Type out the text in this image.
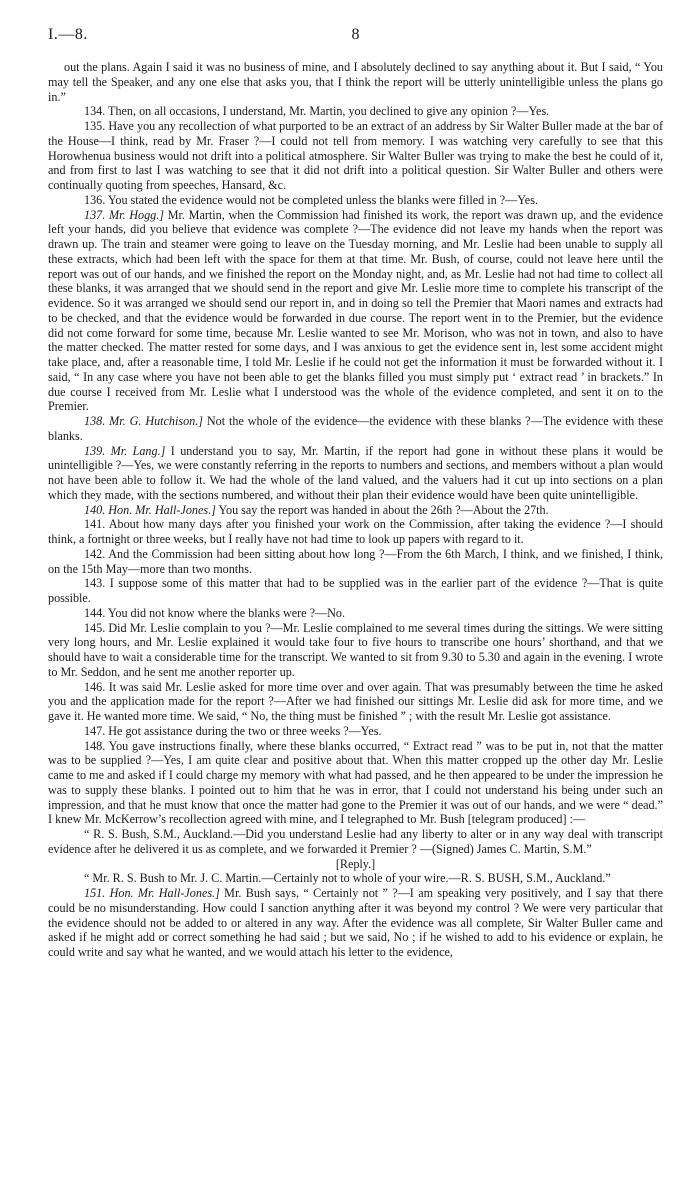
I.—8.	8

out the plans. Again I said it was no business of mine, and I absolutely declined to say anything about it. But I said, “ You may tell the Speaker, and any one else that asks you, that I think the report will be utterly unintelligible unless the plans go in.”

134. Then, on all occasions, I understand, Mr. Martin, you declined to give any opinion ?—Yes.

135. Have you any recollection of what purported to be an extract of an address by Sir Walter Buller made at the bar of the House—I think, read by Mr. Fraser ?—I could not tell from memory. I was watching very carefully to see that this Horowhenua business would not drift into a political atmosphere. Sir Walter Buller was trying to make the best he could of it, and from first to last I was watching to see that it did not drift into a political question. Sir Walter Buller and others were continually quoting from speeches, Hansard, &c.

136. You stated the evidence would not be completed unless the blanks were filled in ?—Yes.

137. Mr. Hogg.] Mr. Martin, when the Commission had finished its work, the report was drawn up, and the evidence left your hands, did you believe that evidence was complete ?—The evidence did not leave my hands when the report was drawn up. The train and steamer were going to leave on the Tuesday morning, and Mr. Leslie had been unable to supply all these extracts, which had been left with the space for them at that time. Mr. Bush, of course, could not leave here until the report was out of our hands, and we finished the report on the Monday night, and, as Mr. Leslie had not had time to collect all these blanks, it was arranged that we should send in the report and give Mr. Leslie more time to complete his transcript of the evidence. So it was arranged we should send our report in, and in doing so tell the Premier that Maori names and extracts had to be checked, and that the evidence would be forwarded in due course. The report went in to the Premier, but the evidence did not come forward for some time, because Mr. Leslie wanted to see Mr. Morison, who was not in town, and also to have the matter checked. The matter rested for some days, and I was anxious to get the evidence sent in, lest some accident might take place, and, after a reasonable time, I told Mr. Leslie if he could not get the information it must be forwarded without it. I said, “ In any case where you have not been able to get the blanks filled you must simply put ‘ extract read ’ in brackets.” In due course I received from Mr. Leslie what I understood was the whole of the evidence completed, and sent it on to the Premier.

138. Mr. G. Hutchison.] Not the whole of the evidence—the evidence with these blanks ?—The evidence with these blanks.

139. Mr. Lang.] I understand you to say, Mr. Martin, if the report had gone in without these plans it would be unintelligible ?—Yes, we were constantly referring in the reports to numbers and sections, and members without a plan would not have been able to follow it. We had the whole of the land valued, and the valuers had it cut up into sections on a plan which they made, with the sections numbered, and without their plan their evidence would have been quite unintelligible.

140. Hon. Mr. Hall-Jones.] You say the report was handed in about the 26th ?—About the 27th.

141. About how many days after you finished your work on the Commission, after taking the evidence ?—I should think, a fortnight or three weeks, but I really have not had time to look up papers with regard to it.

142. And the Commission had been sitting about how long ?—From the 6th March, I think, and we finished, I think, on the 15th May—more than two months.

143. I suppose some of this matter that had to be supplied was in the earlier part of the evidence ?—That is quite possible.

144. You did not know where the blanks were ?—No.

145. Did Mr. Leslie complain to you ?—Mr. Leslie complained to me several times during the sittings. We were sitting very long hours, and Mr. Leslie explained it would take four to five hours to transcribe one hours’ shorthand, and that we should have to wait a considerable time for the transcript. We wanted to sit from 9.30 to 5.30 and again in the evening. I wrote to Mr. Seddon, and he sent me another reporter up.

146. It was said Mr. Leslie asked for more time over and over again. That was presumably between the time he asked you and the application made for the report ?—After we had finished our sittings Mr. Leslie did ask for more time, and we gave it. He wanted more time. We said, “ No, the thing must be finished ” ; with the result Mr. Leslie got assistance.

147. He got assistance during the two or three weeks ?—Yes.

148. You gave instructions finally, where these blanks occurred, “ Extract read ” was to be put in, not that the matter was to be supplied ?—Yes, I am quite clear and positive about that. When this matter cropped up the other day Mr. Leslie came to me and asked if I could charge my memory with what had passed, and he then appeared to be under the impression he was to supply these blanks. I pointed out to him that he was in error, that I could not understand his being under such an impression, and that he must know that once the matter had gone to the Premier it was out of our hands, and we were “ dead.” I knew Mr. McKerrow’s recollection agreed with mine, and I telegraphed to Mr. Bush [telegram produced] :—

“ R. S. Bush, S.M., Auckland.—Did you understand Leslie had any liberty to alter or in any way deal with transcript evidence after he delivered it us as complete, and we forwarded it Premier ? —(Signed) James C. Martin, S.M.”

[Reply.]

“ Mr. R. S. Bush to Mr. J. C. Martin.—Certainly not to whole of your wire.—R. S. BUSH, S.M., Auckland.”

151. Hon. Mr. Hall-Jones.] Mr. Bush says, “ Certainly not ” ?—I am speaking very positively, and I say that there could be no misunderstanding. How could I sanction anything after it was beyond my control ? We were very particular that the evidence should not be added to or altered in any way. After the evidence was all complete, Sir Walter Buller came and asked if he might add or correct something he had said ; but we said, No ; if he wished to add to his evidence or explain, he could write and say what he wanted, and we would attach his letter to the evidence,
